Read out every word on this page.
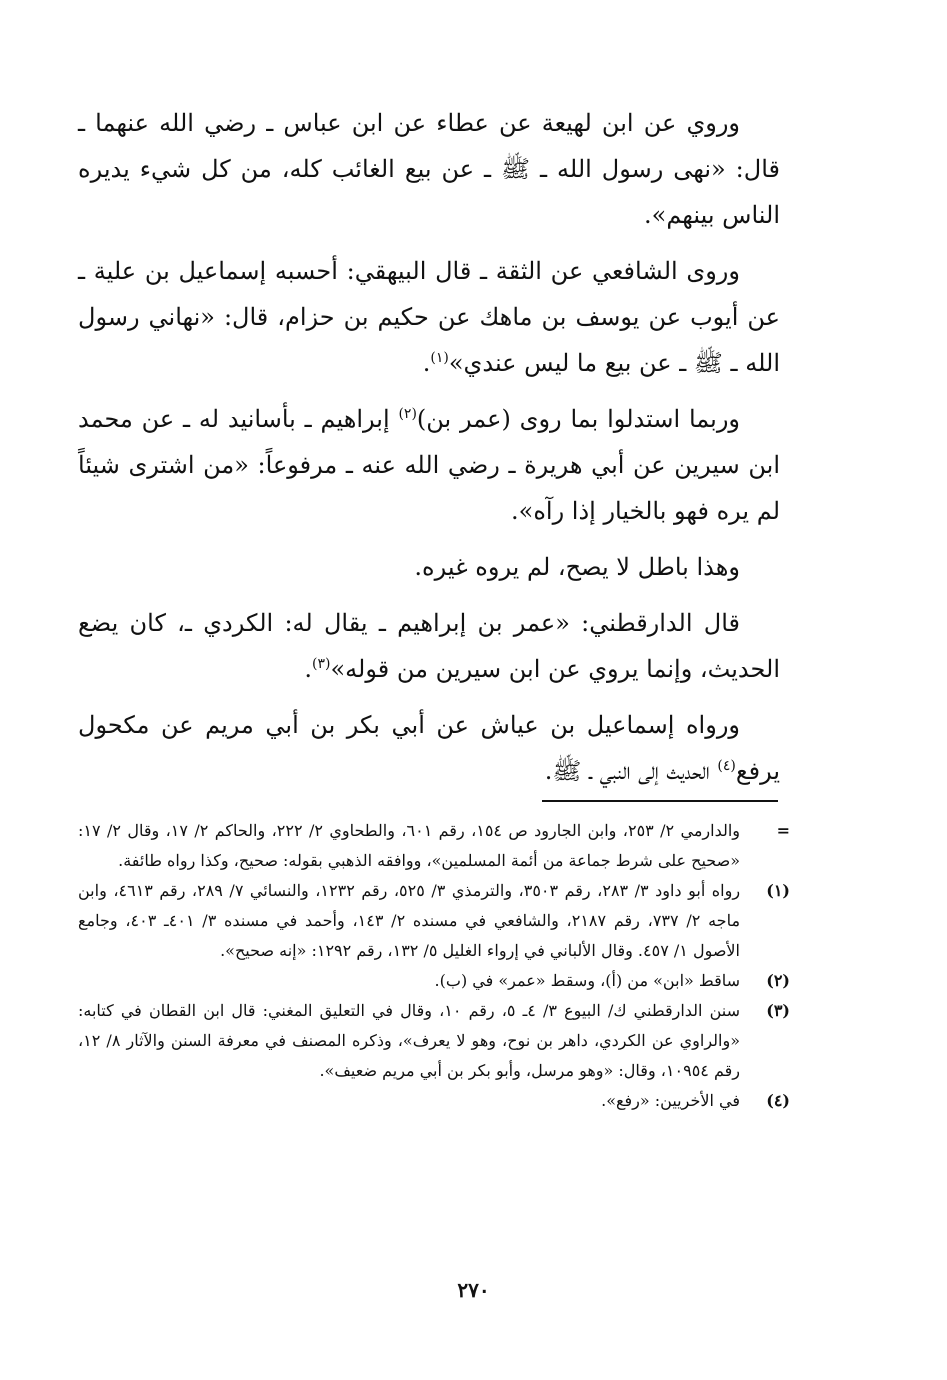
وروي عن ابن لهيعة عن عطاء عن ابن عباس ـ رضي الله عنهما ـ قال: «نهى رسول الله ـ ﷺ ـ عن بيع الغائب كله، من كل شيء يديره الناس بينهم».

وروى الشافعي عن الثقة ـ قال البيهقي: أحسبه إسماعيل بن علية ـ عن أيوب عن يوسف بن ماهك عن حكيم بن حزام، قال: «نهاني رسول الله ـ ﷺ ـ عن بيع ما ليس عندي»$^{(١)}$.

وربما استدلوا بما روى (عمر بن)$^{(٢)}$ إبراهيم ـ بأسانيد له ـ عن محمد ابن سيرين عن أبي هريرة ـ رضي الله عنه ـ مرفوعاً: «من اشترى شيئاً لم يره فهو بالخيار إذا رآه».

وهذا باطل لا يصح، لم يروه غيره.

قال الدارقطني: «عمر بن إبراهيم ـ يقال له: الكردي ـ، كان يضع الحديث، وإنما يروي عن ابن سيرين من قوله»$^{(٣)}$.

ورواه إسماعيل بن عياش عن أبي بكر بن أبي مريم عن مكحول يرفع$^{(٤)}$ الحديث إلى النبي ـ ﷺ.

=
والدارمي ٢/ ٢٥٣، وابن الجارود ص ١٥٤، رقم ٦٠١، والطحاوي ٢/ ٢٢٢، والحاكم ٢/ ١٧، وقال ٢/ ١٧: «صحيح على شرط جماعة من أئمة المسلمين»، ووافقه الذهبي بقوله: صحيح، وكذا رواه طائفة.
(١)
رواه أبو داود ٣/ ٢٨٣، رقم ٣٥٠٣، والترمذي ٣/ ٥٢٥، رقم ١٢٣٢، والنسائي ٧/ ٢٨٩، رقم ٤٦١٣، وابن ماجه ٢/ ٧٣٧، رقم ٢١٨٧، والشافعي في مسنده ٢/ ١٤٣، وأحمد في مسنده ٣/ ٤٠١ـ ٤٠٣، وجامع الأصول ١/ ٤٥٧. وقال الألباني في إرواء الغليل ٥/ ١٣٢، رقم ١٢٩٢: «إنه صحيح».
(٢)
ساقط «ابن» من (أ)، وسقط «عمر» في (ب).
(٣)
سنن الدارقطني ك/ البيوع ٣/ ٤ـ ٥، رقم ١٠، وقال في التعليق المغني: قال ابن القطان في كتابه: «والراوي عن الكردي، داهر بن نوح، وهو لا يعرف»، وذكره المصنف في معرفة السنن والآثار ٨/ ١٢، رقم ١٠٩٥٤، وقال: «وهو مرسل، وأبو بكر بن أبي مريم ضعيف».
(٤)
في الأخريين: «رفع».
٢٧٠
